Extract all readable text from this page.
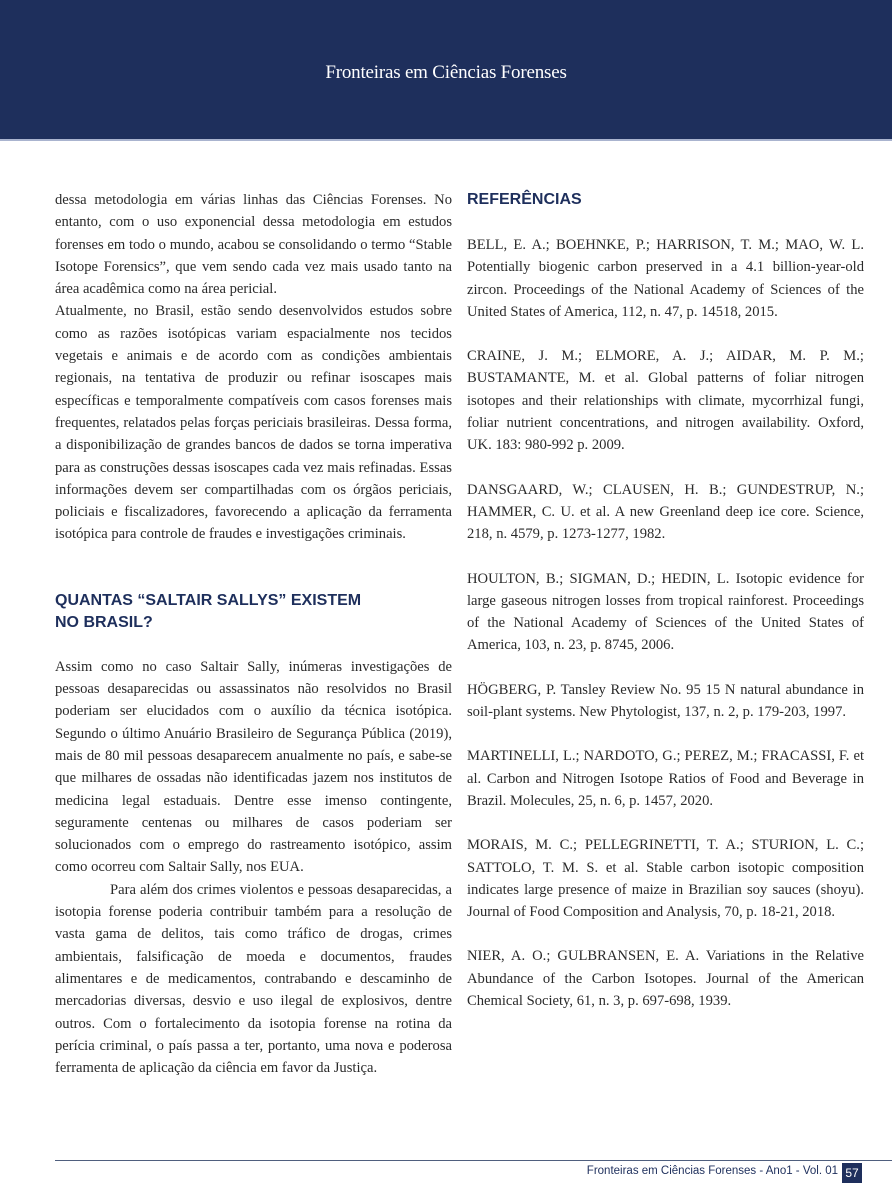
Fronteiras em Ciências Forenses

dessa metodologia em várias linhas das Ciências Forenses. No entanto, com o uso exponencial dessa metodologia em estudos forenses em todo o mundo, acabou se consolidando o termo “Stable Isotope Forensics”, que vem sendo cada vez mais usado tanto na área acadêmica como na área pericial.

Atualmente, no Brasil, estão sendo desenvolvidos estudos sobre como as razões isotópicas variam espacialmente nos tecidos vegetais e animais e de acordo com as condições ambientais regionais, na tentativa de produzir ou refinar isoscapes mais específicas e temporalmente compatíveis com casos forenses mais frequentes, relatados pelas forças periciais brasileiras. Dessa forma, a disponibilização de grandes bancos de dados se torna imperativa para as construções dessas isoscapes cada vez mais refinadas. Essas informações devem ser compartilhadas com os órgãos periciais, policiais e fiscalizadores, favorecendo a aplicação da ferramenta isotópica para controle de fraudes e investigações criminais.

QUANTAS “SALTAIR SALLYS” EXISTEM
NO BRASIL?

Assim como no caso Saltair Sally, inúmeras investigações de pessoas desaparecidas ou assassinatos não resolvidos no Brasil poderiam ser elucidados com o auxílio da técnica isotópica. Segundo o último Anuário Brasileiro de Segurança Pública (2019), mais de 80 mil pessoas desaparecem anualmente no país, e sabe-se que milhares de ossadas não identificadas jazem nos institutos de medicina legal estaduais. Dentre esse imenso contingente, seguramente centenas ou milhares de casos poderiam ser solucionados com o emprego do rastreamento isotópico, assim como ocorreu com Saltair Sally, nos EUA.

Para além dos crimes violentos e pessoas desaparecidas, a isotopia forense poderia contribuir também para a resolução de vasta gama de delitos, tais como tráfico de drogas, crimes ambientais, falsificação de moeda e documentos, fraudes alimentares e de medicamentos, contrabando e descaminho de mercadorias diversas, desvio e uso ilegal de explosivos, dentre outros. Com o fortalecimento da isotopia forense na rotina da perícia criminal, o país passa a ter, portanto, uma nova e poderosa ferramenta de aplicação da ciência em favor da Justiça.

REFERÊNCIAS

BELL, E. A.; BOEHNKE, P.; HARRISON, T. M.; MAO, W. L. Potentially biogenic carbon preserved in a 4.1 billion-year-old zircon. Proceedings of the National Academy of Sciences of the United States of America, 112, n. 47, p. 14518, 2015.

CRAINE, J. M.; ELMORE, A. J.; AIDAR, M. P. M.; BUSTAMANTE, M. et al. Global patterns of foliar nitrogen isotopes and their relationships with climate, mycorrhizal fungi, foliar nutrient concentrations, and nitrogen availability. Oxford, UK. 183: 980-992 p. 2009.

DANSGAARD, W.; CLAUSEN, H. B.; GUNDESTRUP, N.; HAMMER, C. U. et al. A new Greenland deep ice core. Science, 218, n. 4579, p. 1273-1277, 1982.

HOULTON, B.; SIGMAN, D.; HEDIN, L. Isotopic evidence for large gaseous nitrogen losses from tropical rainforest. Proceedings of the National Academy of Sciences of the United States of America, 103, n. 23, p. 8745, 2006.

HÖGBERG, P. Tansley Review No. 95 15 N natural abundance in soil-plant systems. New Phytologist, 137, n. 2, p. 179-203, 1997.

MARTINELLI, L.; NARDOTO, G.; PEREZ, M.; FRACASSI, F. et al. Carbon and Nitrogen Isotope Ratios of Food and Beverage in Brazil. Molecules, 25, n. 6, p. 1457, 2020.

MORAIS, M. C.; PELLEGRINETTI, T. A.; STURION, L. C.; SATTOLO, T. M. S. et al. Stable carbon isotopic composition indicates large presence of maize in Brazilian soy sauces (shoyu). Journal of Food Composition and Analysis, 70, p. 18-21, 2018.

NIER, A. O.; GULBRANSEN, E. A. Variations in the Relative Abundance of the Carbon Isotopes. Journal of the American Chemical Society, 61, n. 3, p. 697-698, 1939.

Fronteiras em Ciências Forenses - Ano1 - Vol. 01 57
